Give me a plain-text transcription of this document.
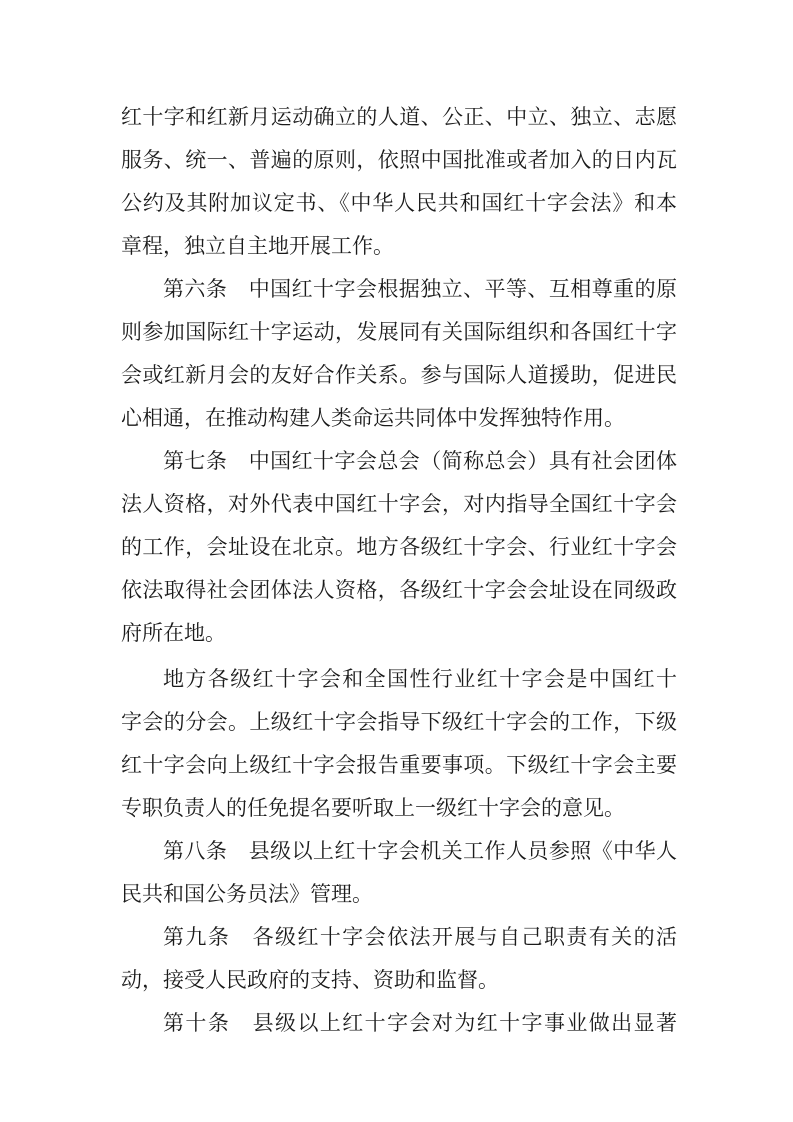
红十字和红新月运动确立的人道、公正、中立、独立、志愿
服务、统一、普遍的原则，依照中国批准或者加入的日内瓦
公约及其附加议定书、《中华人民共和国红十字会法》和本
章程，独立自主地开展工作。
第六条　中国红十字会根据独立、平等、互相尊重的原
则参加国际红十字运动，发展同有关国际组织和各国红十字
会或红新月会的友好合作关系。参与国际人道援助，促进民
心相通，在推动构建人类命运共同体中发挥独特作用。
第七条　中国红十字会总会（简称总会）具有社会团体
法人资格，对外代表中国红十字会，对内指导全国红十字会
的工作，会址设在北京。地方各级红十字会、行业红十字会
依法取得社会团体法人资格，各级红十字会会址设在同级政
府所在地。
地方各级红十字会和全国性行业红十字会是中国红十
字会的分会。上级红十字会指导下级红十字会的工作，下级
红十字会向上级红十字会报告重要事项。下级红十字会主要
专职负责人的任免提名要听取上一级红十字会的意见。
第八条　县级以上红十字会机关工作人员参照《中华人
民共和国公务员法》管理。
第九条　各级红十字会依法开展与自己职责有关的活
动，接受人民政府的支持、资助和监督。
第十条　县级以上红十字会对为红十字事业做出显著
